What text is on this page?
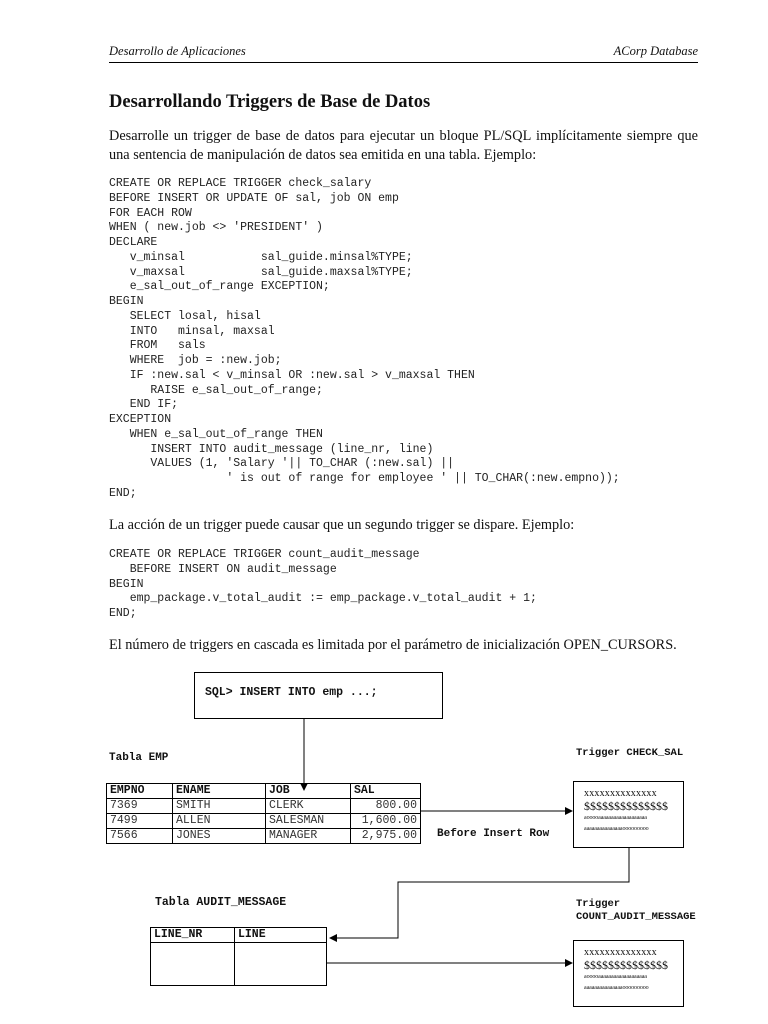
Desarrollo de Aplicaciones	ACorp Database
Desarrollando Triggers de Base de Datos

Desarrolle un trigger de base de datos para ejecutar un bloque PL/SQL implícitamente siempre que una sentencia de manipulación de datos sea emitida en una tabla. Ejemplo:

CREATE OR REPLACE TRIGGER check_salary
BEFORE INSERT OR UPDATE OF sal, job ON emp
FOR EACH ROW
WHEN ( new.job <> 'PRESIDENT' )
DECLARE
v_minsal           sal_guide.minsal%TYPE;
v_maxsal           sal_guide.maxsal%TYPE;
e_sal_out_of_range EXCEPTION;
BEGIN
SELECT losal, hisal
INTO   minsal, maxsal
FROM   sals
WHERE  job = :new.job;
IF :new.sal < v_minsal OR :new.sal > v_maxsal THEN
RAISE e_sal_out_of_range;
END IF;
EXCEPTION
WHEN e_sal_out_of_range THEN
INSERT INTO audit_message (line_nr, line)
VALUES (1, 'Salary '|| TO_CHAR (:new.sal) ||
' is out of range for employee ' || TO_CHAR(:new.empno));
END;

La acción de un trigger puede causar que un segundo trigger se dispare. Ejemplo:

CREATE OR REPLACE TRIGGER count_audit_message
BEFORE INSERT ON audit_message
BEGIN
emp_package.v_total_audit := emp_package.v_total_audit + 1;
END;

El número de triggers en cascada es limitada por el parámetro de inicialización OPEN_CURSORS.

SQL> INSERT INTO emp ...;
Tabla EMP
EMPNO	ENAME	JOB	SAL
7369	SMITH	CLERK	800.00
7499	ALLEN	SALESMAN	1,600.00
7566	JONES	MANAGER	2,975.00 Before Insert Row
Trigger CHECK_SAL
xxxxxxxxxxxxxx
$$$$$$$$$$$$$$
aooooaaaaaaaaaaaaaaaaaaa
aaaaaaaaaaaaaaaooooooooo
Tabla AUDIT_MESSAGE
LINE_NR	LINE

Trigger
COUNT_AUDIT_MESSAGE
xxxxxxxxxxxxxx
$$$$$$$$$$$$$$
aooooaaaaaaaaaaaaaaaaaaa
aaaaaaaaaaaaaaaooooooooo
